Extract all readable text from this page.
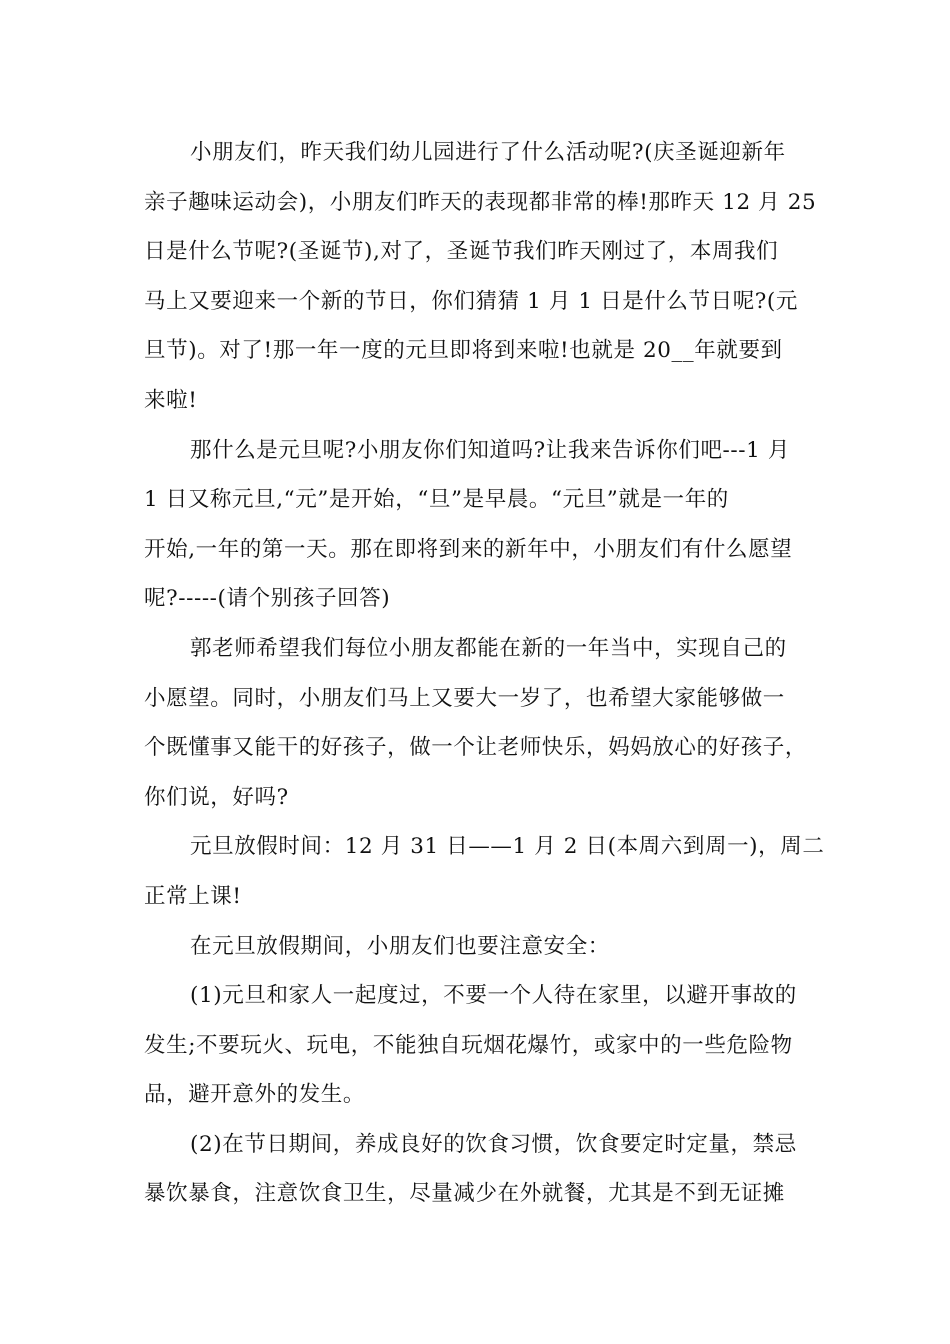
小朋友们，昨天我们幼儿园进行了什么活动呢?(庆圣诞迎新年
亲子趣味运动会)，小朋友们昨天的表现都非常的棒!那昨天 12 月 25
日是什么节呢?(圣诞节),对了，圣诞节我们昨天刚过了，本周我们
马上又要迎来一个新的节日，你们猜猜 1 月 1 日是什么节日呢?(元
旦节)。对了!那一年一度的元旦即将到来啦!也就是 20__年就要到
来啦!
那什么是元旦呢?小朋友你们知道吗?让我来告诉你们吧---1 月
1 日又称元旦,“元”是开始，“旦”是早晨。“元旦”就是一年的
开始,一年的第一天。那在即将到来的新年中，小朋友们有什么愿望
呢?-----(请个别孩子回答)
郭老师希望我们每位小朋友都能在新的一年当中，实现自己的
小愿望。同时，小朋友们马上又要大一岁了，也希望大家能够做一
个既懂事又能干的好孩子，做一个让老师快乐，妈妈放心的好孩子，
你们说，好吗?
元旦放假时间：12 月 31 日——1 月 2 日(本周六到周一)，周二
正常上课!
在元旦放假期间，小朋友们也要注意安全：
(1)元旦和家人一起度过，不要一个人待在家里，以避开事故的
发生;不要玩火、玩电，不能独自玩烟花爆竹，或家中的一些危险物
品，避开意外的发生。
(2)在节日期间，养成良好的饮食习惯，饮食要定时定量，禁忌
暴饮暴食，注意饮食卫生，尽量减少在外就餐，尤其是不到无证摊
